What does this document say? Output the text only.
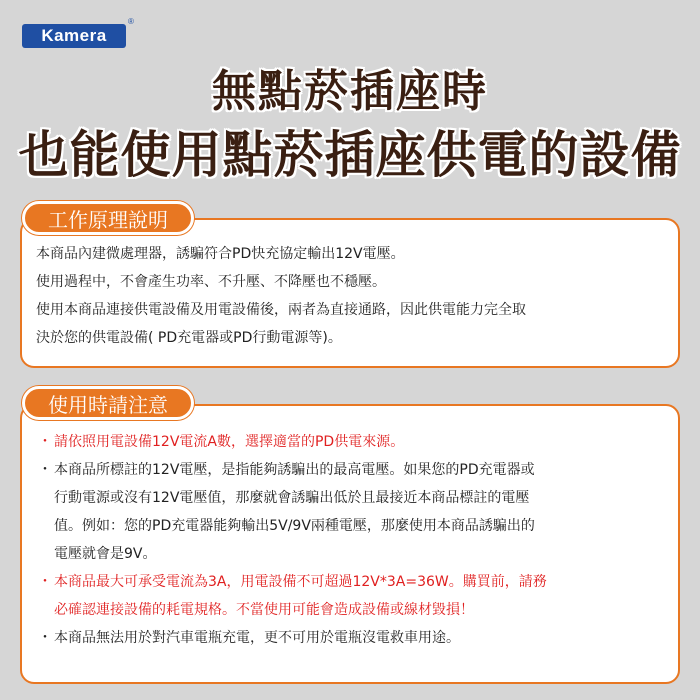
Kamera
®
無點菸插座時
也能使用點菸插座供電的設備
本商品內建微處理器，誘騙符合PD快充協定輸出12V電壓。
使用過程中，不會產生功率、不升壓、不降壓也不穩壓。
使用本商品連接供電設備及用電設備後，兩者為直接通路，因此供電能力完全取
決於您的供電設備( PD充電器或PD行動電源等)。
工作原理說明
・ 請依照用電設備12V電流A數，選擇適當的PD供電來源。
・ 本商品所標註的12V電壓，是指能夠誘騙出的最高電壓。如果您的PD充電器或
行動電源或沒有12V電壓值，那麼就會誘騙出低於且最接近本商品標註的電壓
值。例如：您的PD充電器能夠輸出5V/9V兩種電壓，那麼使用本商品誘騙出的
電壓就會是9V。
・ 本商品最大可承受電流為3A，用電設備不可超過12V*3A=36W。購買前，請務
必確認連接設備的耗電規格。不當使用可能會造成設備或線材毀損！
・ 本商品無法用於對汽車電瓶充電，更不可用於電瓶沒電救車用途。
使用時請注意
